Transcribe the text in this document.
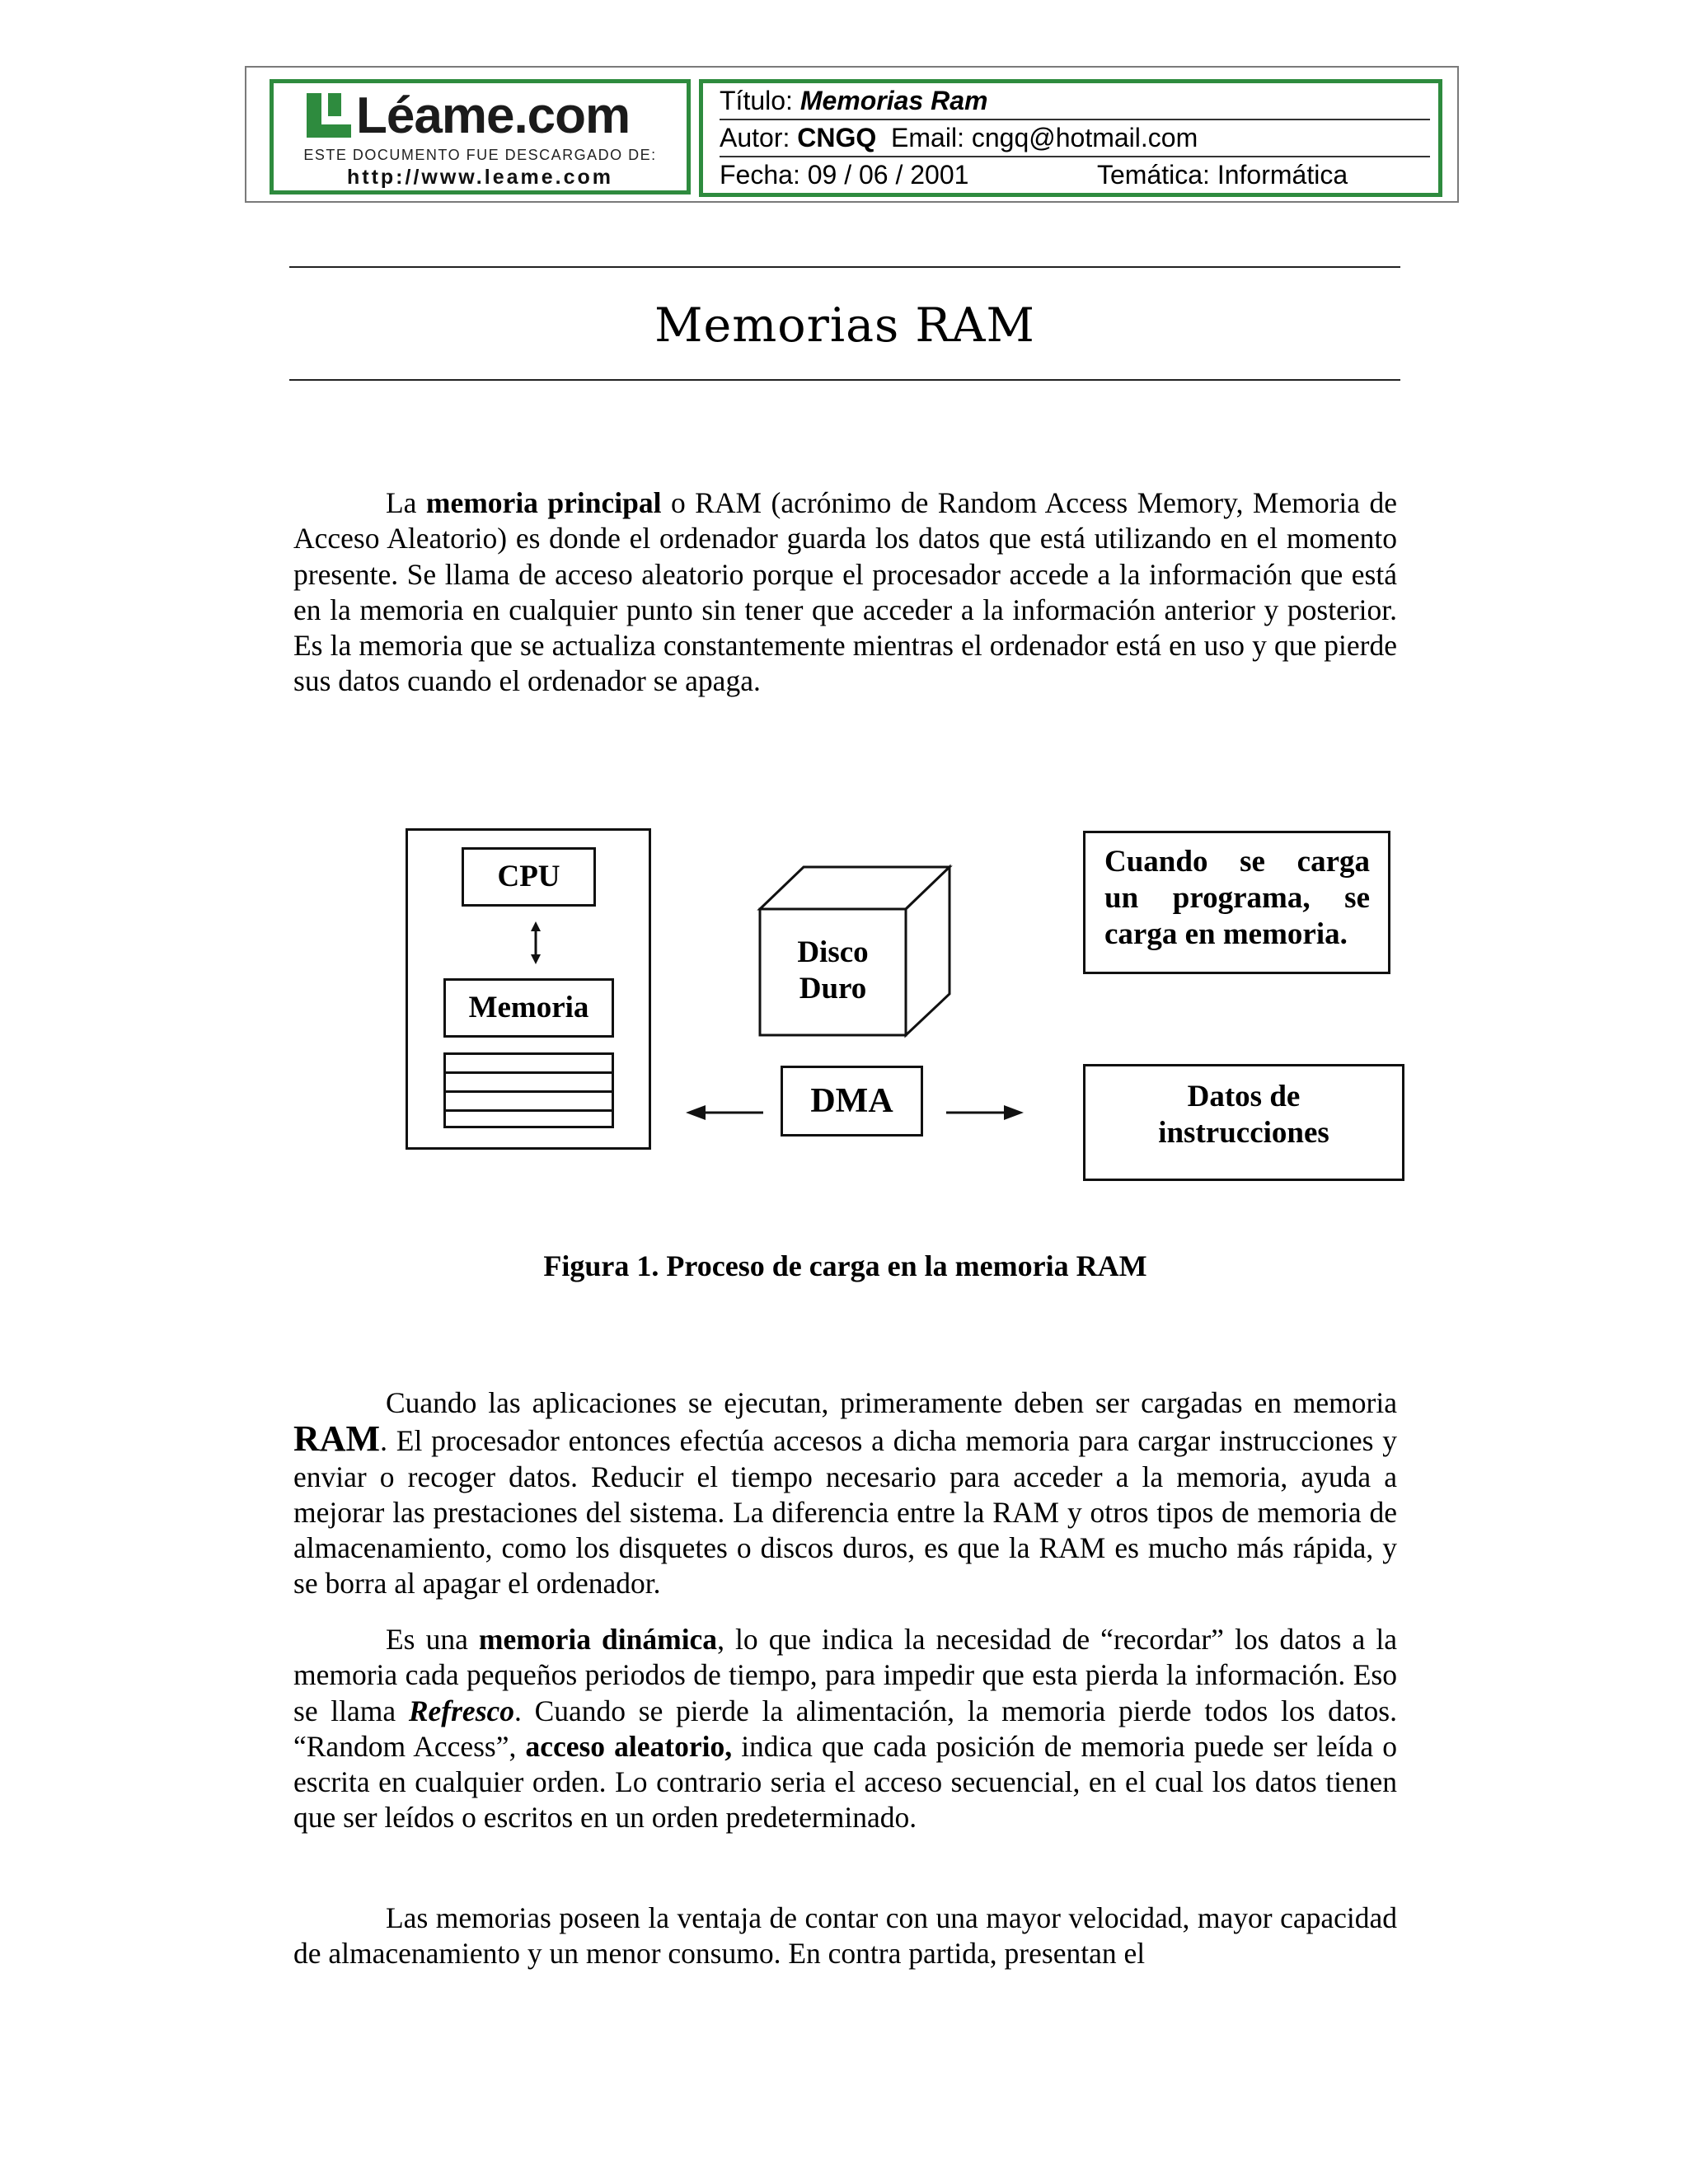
Léame.com
ESTE DOCUMENTO FUE DESCARGADO DE:
http://www.leame.com
Título: Memorias Ram
Autor: CNGQ Email: cngq@hotmail.com
Fecha: 09 / 06 / 2001	Temática: Informática
Memorias RAM

La memoria principal o RAM (acrónimo de Random Access Memory, Memoria de Acceso Aleatorio) es donde el ordenador guarda los datos que está utilizando en el momento presente. Se llama de acceso aleatorio porque el procesador accede a la información que está en la memoria en cualquier punto sin tener que acceder a la información anterior y posterior. Es la memoria que se actualiza constantemente mientras el ordenador está en uso y que pierde sus datos cuando el ordenador se apaga.

CPU
Memoria
Disco
Duro
DMA
Cuando se carga
un programa, se
carga en memoria.
Datos de
instrucciones
Figura 1. Proceso de carga en la memoria RAM

Cuando las aplicaciones se ejecutan, primeramente deben ser cargadas en memoria RAM. El procesador entonces efectúa accesos a dicha memoria para cargar instrucciones y enviar o recoger datos. Reducir el tiempo necesario para acceder a la memoria, ayuda a mejorar las prestaciones del sistema. La diferencia entre la RAM y otros tipos de memoria de almacenamiento, como los disquetes o discos duros, es que la RAM es mucho más rápida, y se borra al apagar el ordenador.

Es una memoria dinámica, lo que indica la necesidad de “recordar” los datos a la memoria cada pequeños periodos de tiempo, para impedir que esta pierda la información. Eso se llama Refresco. Cuando se pierde la alimentación, la memoria pierde todos los datos. “Random Access”, acceso aleatorio, indica que cada posición de memoria puede ser leída o escrita en cualquier orden. Lo contrario seria el acceso secuencial, en el cual los datos tienen que ser leídos o escritos en un orden predeterminado.

Las memorias poseen la ventaja de contar con una mayor velocidad, mayor capacidad de almacenamiento y un menor consumo. En contra partida, presentan el
